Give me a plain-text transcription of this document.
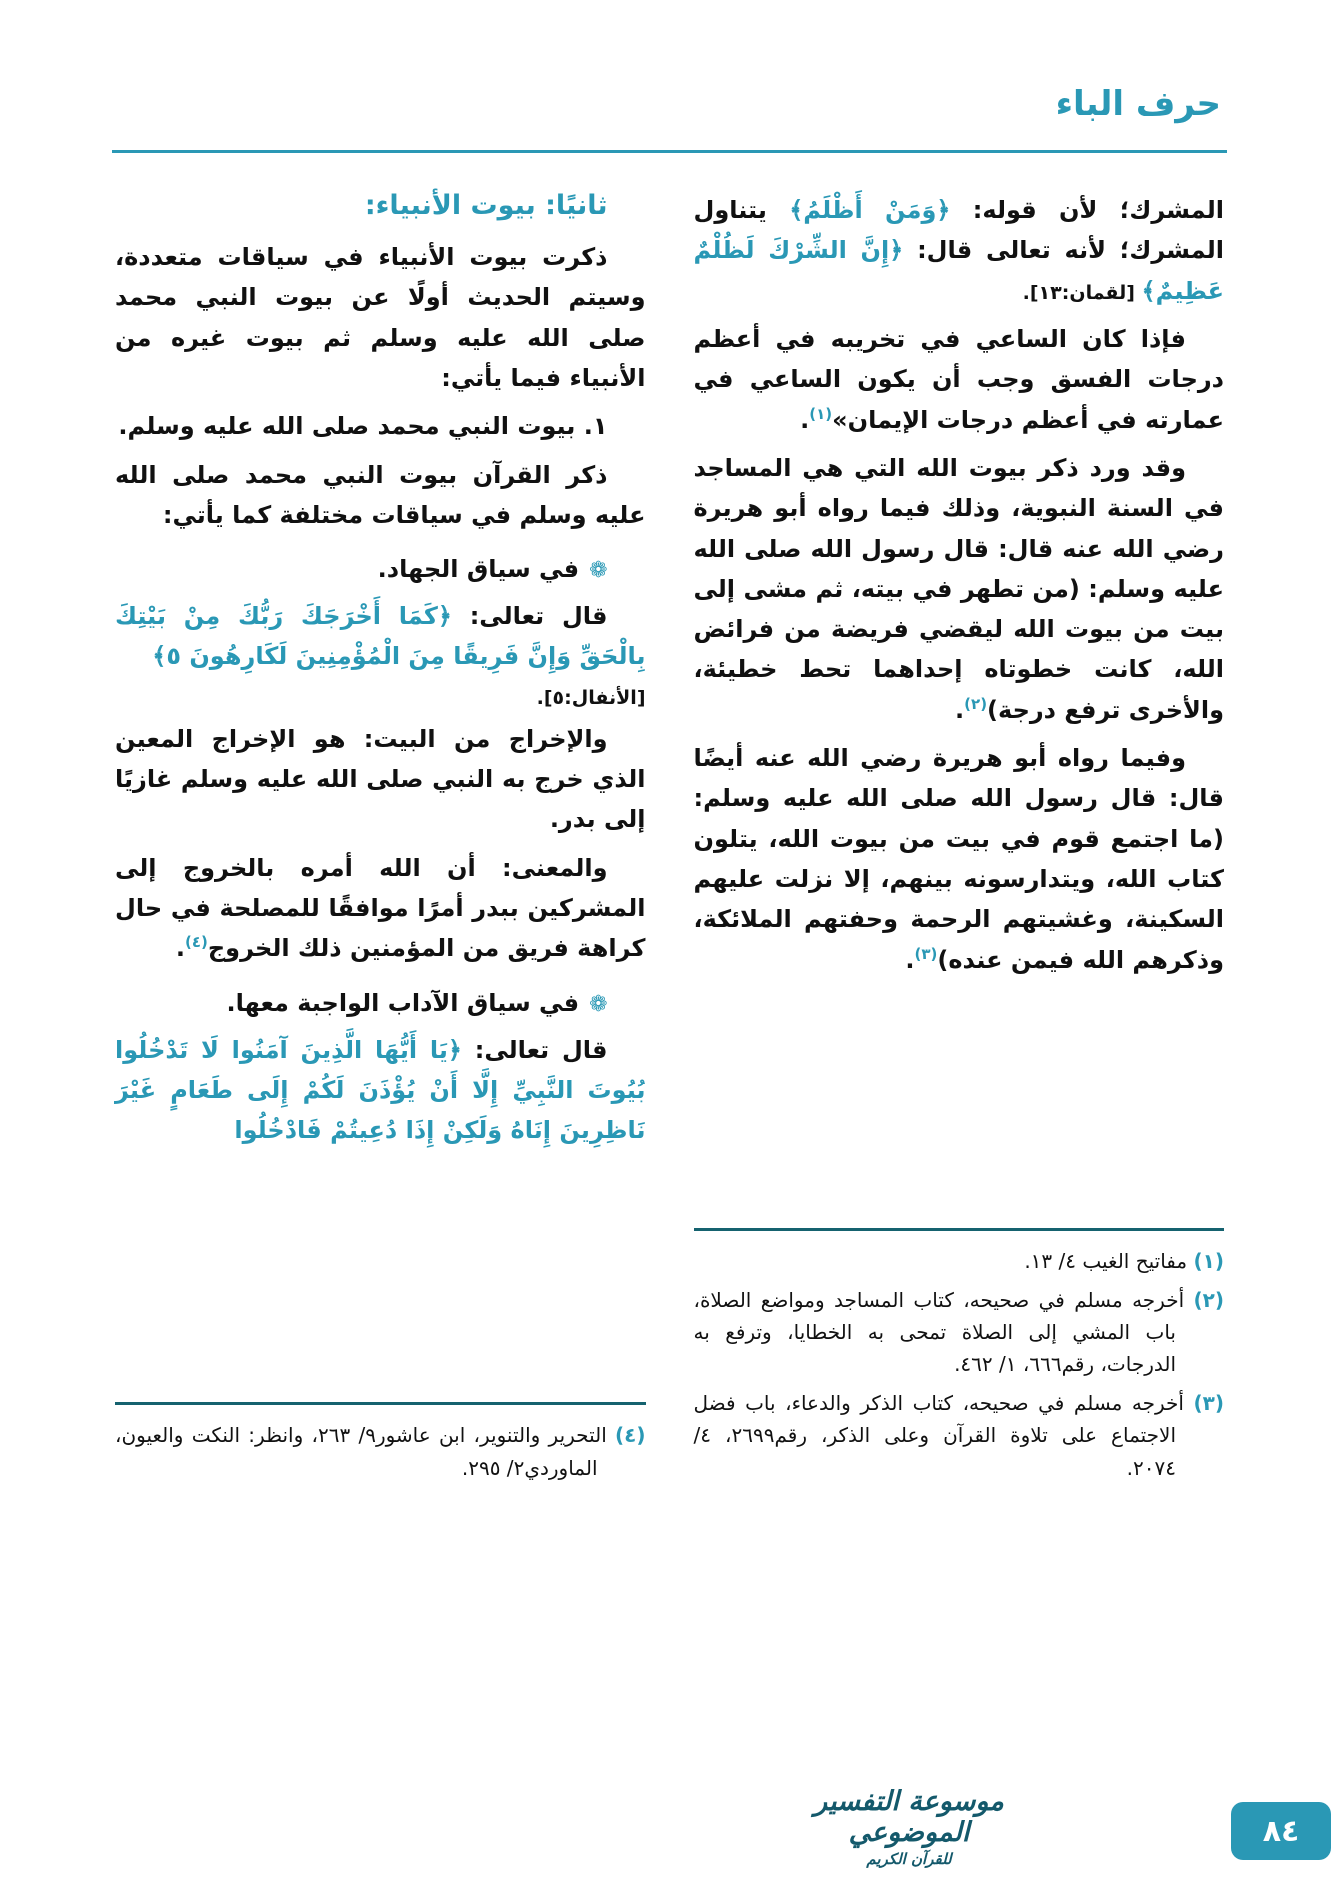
حرف الباء

المشرك؛ لأن قوله: ﴿وَمَنْ أَظْلَمُ﴾ يتناول المشرك؛ لأنه تعالى قال: ﴿إِنَّ الشِّرْكَ لَظُلْمٌ عَظِيمٌ﴾ [لقمان:١٣].

فإذا كان الساعي في تخريبه في أعظم درجات الفسق وجب أن يكون الساعي في عمارته في أعظم درجات الإيمان»$^{(١)}$.

وقد ورد ذكر بيوت الله التي هي المساجد في السنة النبوية، وذلك فيما رواه أبو هريرة رضي الله عنه قال: قال رسول الله صلى الله عليه وسلم: (من تطهر في بيته، ثم مشى إلى بيت من بيوت الله ليقضي فريضة من فرائض الله، كانت خطوتاه إحداهما تحط خطيئة، والأخرى ترفع درجة)$^{(٢)}$.

وفيما رواه أبو هريرة رضي الله عنه أيضًا قال: قال رسول الله صلى الله عليه وسلم: (ما اجتمع قوم في بيت من بيوت الله، يتلون كتاب الله، ويتدارسونه بينهم، إلا نزلت عليهم السكينة، وغشيتهم الرحمة وحفتهم الملائكة، وذكرهم الله فيمن عنده)$^{(٣)}$.

(١) مفاتيح الغيب ٤/ ١٣.

(٢) أخرجه مسلم في صحيحه، كتاب المساجد ومواضع الصلاة، باب المشي إلى الصلاة تمحى به الخطايا، وترفع به الدرجات، رقم٦٦٦، ١/ ٤٦٢.

(٣) أخرجه مسلم في صحيحه، كتاب الذكر والدعاء، باب فضل الاجتماع على تلاوة القرآن وعلى الذكر، رقم٢٦٩٩، ٤/ ٢٠٧٤.

ثانيًا: بيوت الأنبياء:

ذكرت بيوت الأنبياء في سياقات متعددة، وسيتم الحديث أولًا عن بيوت النبي محمد صلى الله عليه وسلم ثم بيوت غيره من الأنبياء فيما يأتي:

١. بيوت النبي محمد صلى الله عليه وسلم.

ذكر القرآن بيوت النبي محمد صلى الله عليه وسلم في سياقات مختلفة كما يأتي:

❁في سياق الجهاد.

قال تعالى: ﴿كَمَا أَخْرَجَكَ رَبُّكَ مِنْ بَيْتِكَ بِالْحَقِّ وَإِنَّ فَرِيقًا مِنَ الْمُؤْمِنِينَ لَكَارِهُونَ ٥﴾

[الأنفال:٥].

والإخراج من البيت: هو الإخراج المعين الذي خرج به النبي صلى الله عليه وسلم غازيًا إلى بدر.

والمعنى: أن الله أمره بالخروج إلى المشركين ببدر أمرًا موافقًا للمصلحة في حال كراهة فريق من المؤمنين ذلك الخروج$^{(٤)}$.

❁في سياق الآداب الواجبة معها.

قال تعالى: ﴿يَا أَيُّهَا الَّذِينَ آمَنُوا لَا تَدْخُلُوا بُيُوتَ النَّبِيِّ إِلَّا أَنْ يُؤْذَنَ لَكُمْ إِلَى طَعَامٍ غَيْرَ نَاظِرِينَ إِنَاهُ وَلَكِنْ إِذَا دُعِيتُمْ فَادْخُلُوا

(٤) التحرير والتنوير، ابن عاشور٩/ ٢٦٣، وانظر: النكت والعيون، الماوردي٢/ ٢٩٥.

موسوعة التفسير الموضوعي
للقرآن الكريم
٨٤
